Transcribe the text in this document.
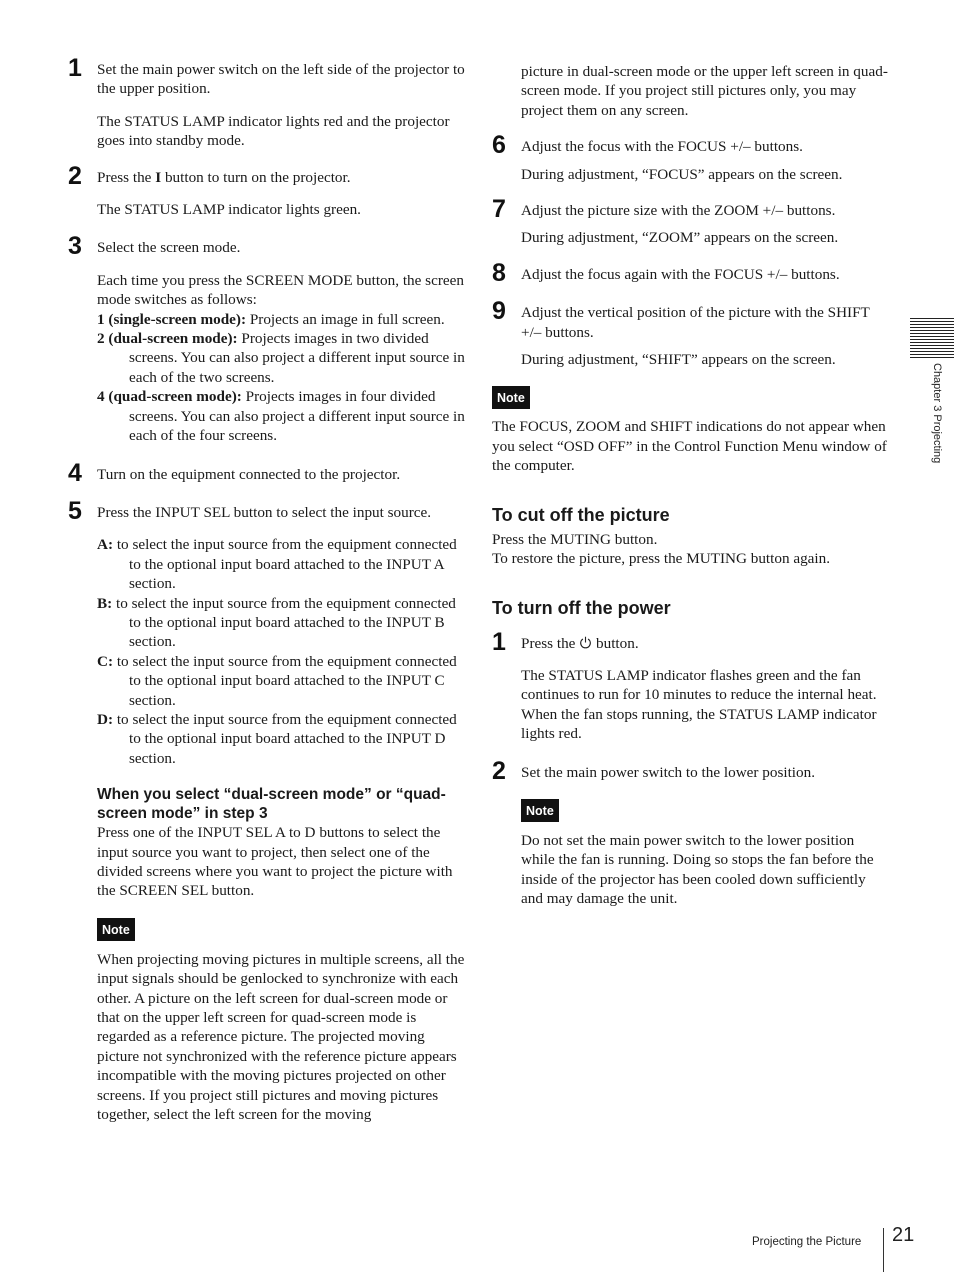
1 Set the main power switch on the left side of the projector to the upper position.

The STATUS LAMP indicator lights red and the projector goes into standby mode.

2 Press the I button to turn on the projector.

The STATUS LAMP indicator lights green.

3 Select the screen mode.

Each time you press the SCREEN MODE button, the screen mode switches as follows:

1 (single-screen mode): Projects an image in full screen.

2 (dual-screen mode): Projects images in two divided screens. You can also project a different input source in each of the two screens.

4 (quad-screen mode): Projects images in four divided screens. You can also project a different input source in each of the four screens.

4 Turn on the equipment connected to the projector.

5 Press the INPUT SEL button to select the input source.

A: to select the input source from the equipment connected to the optional input board attached to the INPUT A section.

B: to select the input source from the equipment connected to the optional input board attached to the INPUT B section.

C: to select the input source from the equipment connected to the optional input board attached to the INPUT C section.

D: to select the input source from the equipment connected to the optional input board attached to the INPUT D section.

When you select “dual-screen mode” or “quad-screen mode” in step 3

Press one of the INPUT SEL A to D buttons to select the input source you want to project, then select one of the divided screens where you want to project the picture with the SCREEN SEL button.

Note

When projecting moving pictures in multiple screens, all the input signals should be genlocked to synchronize with each other. A picture on the left screen for dual-screen mode or that on the upper left screen for quad-screen mode is regarded as a reference picture. The projected moving picture not synchronized with the reference picture appears incompatible with the moving pictures projected on other screens. If you project still pictures and moving pictures together, select the left screen for the moving

picture in dual-screen mode or the upper left screen in quad-screen mode. If you project still pictures only, you may project them on any screen.

6 Adjust the focus with the FOCUS +/– buttons.

During adjustment, “FOCUS” appears on the screen.

7 Adjust the picture size with the ZOOM +/– buttons.

During adjustment, “ZOOM” appears on the screen.

8 Adjust the focus again with the FOCUS +/– buttons.

9 Adjust the vertical position of the picture with the SHIFT +/– buttons.

During adjustment, “SHIFT” appears on the screen.

Note

The FOCUS, ZOOM and SHIFT indications do not appear when you select “OSD OFF” in the Control Function Menu window of the computer.

To cut off the picture

Press the MUTING button.

To restore the picture, press the MUTING button again.

To turn off the power

1 Press the  button.

The STATUS LAMP indicator flashes green and the fan continues to run for 10 minutes to reduce the internal heat. When the fan stops running, the STATUS LAMP indicator lights red.

2 Set the main power switch to the lower position.

Note

Do not set the main power switch to the lower position while the fan is running. Doing so stops the fan before the inside of the projector has been cooled down sufficiently and may damage the unit.

Chapter 3 Projecting
Projecting the Picture 21
